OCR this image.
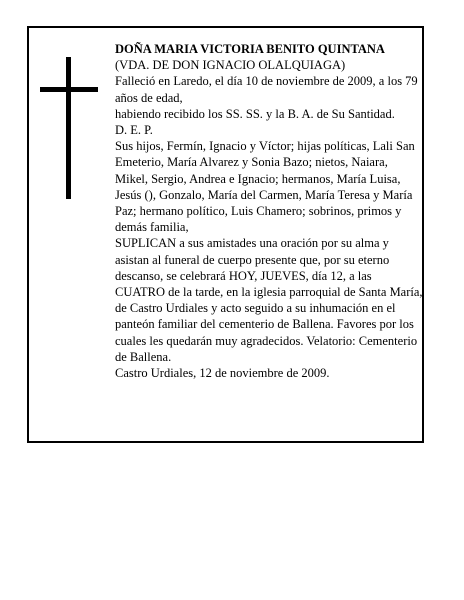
DOÑA MARIA VICTORIA BENITO QUINTANA

(VDA. DE DON IGNACIO OLALQUIAGA)

Falleció en Laredo, el día 10 de noviembre de 2009, a los 79 años de edad,

habiendo recibido los SS. SS. y la B. A. de Su Santidad.

D. E. P.

Sus hijos, Fermín, Ignacio y Víctor; hijas políticas, Lali San Emeterio, María Alvarez y Sonia Bazo; nietos, Naiara, Mikel, Sergio, Andrea e Ignacio; hermanos, María Luisa, Jesús (), Gonzalo, María del Carmen, María Teresa y María Paz; hermano político, Luis Chamero; sobrinos, primos y demás familia,

SUPLICAN a sus amistades una oración por su alma y asistan al funeral de cuerpo presente que, por su eterno descanso, se celebrará HOY, JUEVES, día 12, a las CUATRO de la tarde, en la iglesia parroquial de Santa María, de Castro Urdiales y acto seguido a su inhumación en el panteón familiar del cementerio de Ballena. Favores por los cuales les quedarán muy agradecidos. Velatorio: Cementerio de Ballena.

Castro Urdiales, 12 de noviembre de 2009.
